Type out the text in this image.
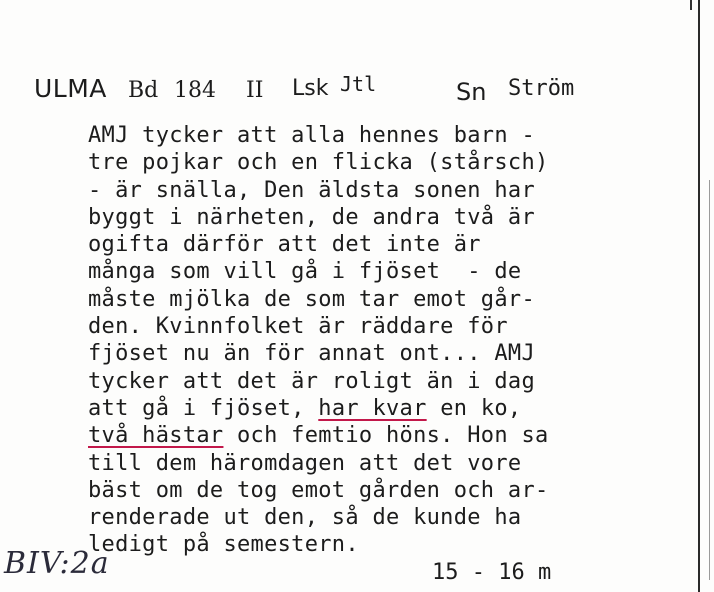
ULMA Bd 184 II Lsk Jtl	Sn Ström
AMJ tycker att alla hennes barn -
tre pojkar och en flicka (stårsch)
- är snälla, Den äldsta sonen har
byggt i närheten, de andra två är
ogifta därför att det inte är
många som vill gå i fjöset  - de
måste mjölka de som tar emot går-
den. Kvinnfolket är räddare för
fjöset nu än för annat ont... AMJ
tycker att det är roligt än i dag
att gå i fjöset, har kvar en ko,
två hästar och femtio höns. Hon sa
till dem häromdagen att det vore
bäst om de tog emot gården och ar-
renderade ut den, så de kunde ha
ledigt på semestern.
BIV:2a	15 - 16 m
